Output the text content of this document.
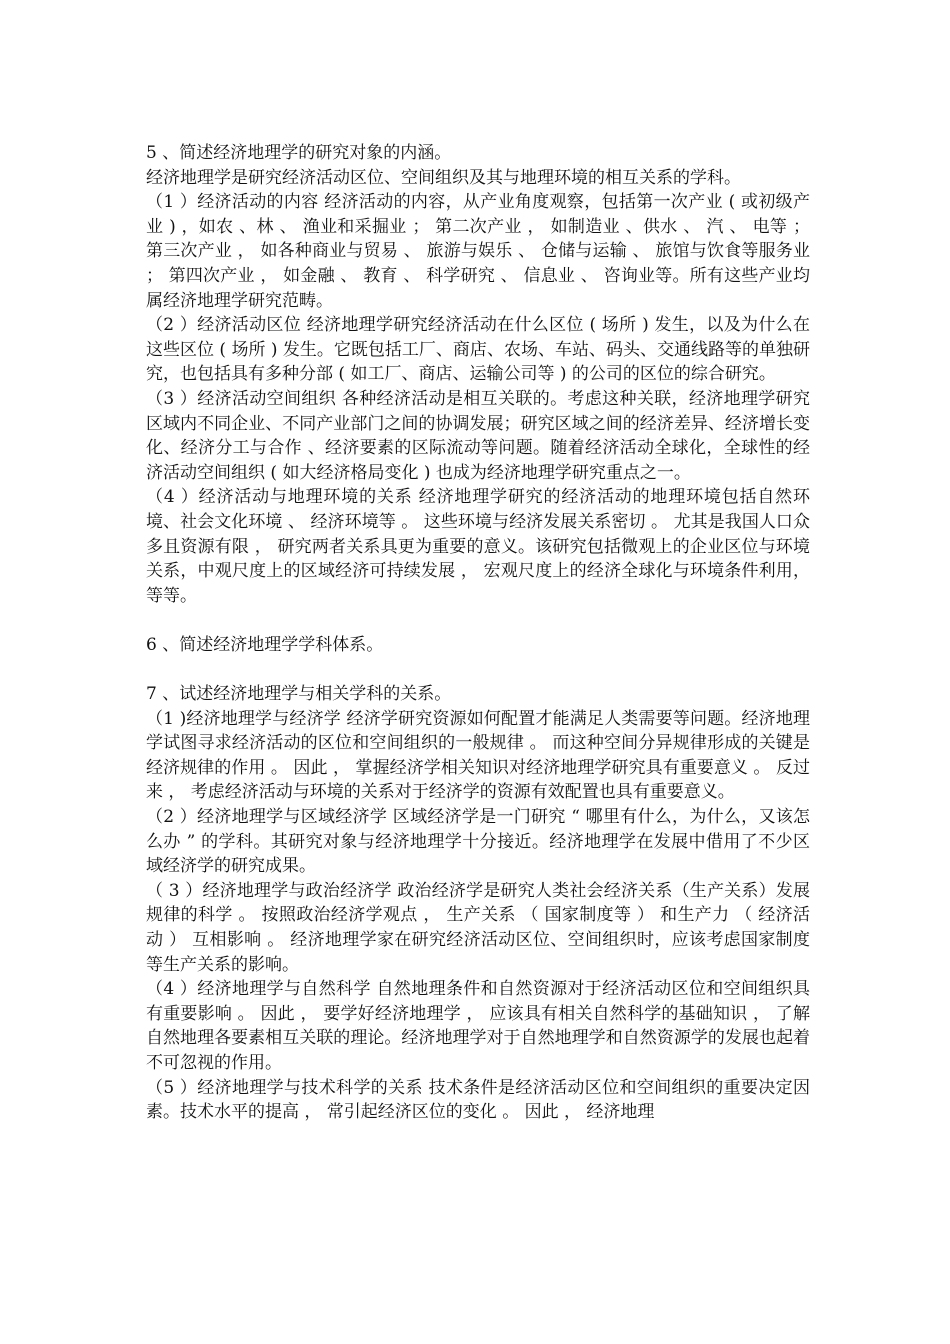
5 、简述经济地理学的研究对象的内涵。

经济地理学是研究经济活动区位、空间组织及其与地理环境的相互关系的学科。

（1 ）经济活动的内容 经济活动的内容，从产业角度观察，包括第一次产业 ( 或初级产业 ) ，如农 、林 、 渔业和采掘业 ； 第二次产业 ， 如制造业 、供水 、 汽 、 电等 ； 第三次产业 ， 如各种商业与贸易 、 旅游与娱乐 、 仓储与运输 、 旅馆与饮食等服务业 ； 第四次产业 ， 如金融 、 教育 、 科学研究 、 信息业 、 咨询业等。所有这些产业均属经济地理学研究范畴。

（2 ）经济活动区位 经济地理学研究经济活动在什么区位 ( 场所 ) 发生，以及为什么在这些区位 ( 场所 ) 发生。它既包括工厂、商店、农场、车站、码头、交通线路等的单独研究，也包括具有多种分部 ( 如工厂、商店、运输公司等 ) 的公司的区位的综合研究。

（3 ）经济活动空间组织 各种经济活动是相互关联的。考虑这种关联，经济地理学研究区域内不同企业、不同产业部门之间的协调发展；研究区域之间的经济差异、经济增长变化、经济分工与合作 、经济要素的区际流动等问题。随着经济活动全球化，全球性的经济活动空间组织 ( 如大经济格局变化 ) 也成为经济地理学研究重点之一。

（4 ）经济活动与地理环境的关系 经济地理学研究的经济活动的地理环境包括自然环境、社会文化环境 、 经济环境等 。 这些环境与经济发展关系密切 。 尤其是我国人口众多且资源有限 ， 研究两者关系具更为重要的意义。该研究包括微观上的企业区位与环境关系，中观尺度上的区域经济可持续发展 ， 宏观尺度上的经济全球化与环境条件利用，等等。

6 、简述经济地理学学科体系。

7 、试述经济地理学与相关学科的关系。

（1 )经济地理学与经济学 经济学研究资源如何配置才能满足人类需要等问题。经济地理学试图寻求经济活动的区位和空间组织的一般规律 。 而这种空间分异规律形成的关键是经济规律的作用 。 因此 ， 掌握经济学相关知识对经济地理学研究具有重要意义 。 反过来 ， 考虑经济活动与环境的关系对于经济学的资源有效配置也具有重要意义。

（2 ）经济地理学与区域经济学 区域经济学是一门研究 “ 哪里有什么，为什么，又该怎么办 ” 的学科。其研究对象与经济地理学十分接近。经济地理学在发展中借用了不少区域经济学的研究成果。

（ 3 ）经济地理学与政治经济学 政治经济学是研究人类社会经济关系（生产关系）发展规律的科学 。 按照政治经济学观点 ， 生产关系 （ 国家制度等 ） 和生产力 （ 经济活动 ） 互相影响 。 经济地理学家在研究经济活动区位、空间组织时，应该考虑国家制度等生产关系的影响。

（4 ）经济地理学与自然科学 自然地理条件和自然资源对于经济活动区位和空间组织具有重要影响 。 因此 ， 要学好经济地理学 ， 应该具有相关自然科学的基础知识 ， 了解自然地理各要素相互关联的理论。经济地理学对于自然地理学和自然资源学的发展也起着不可忽视的作用。

（5 ）经济地理学与技术科学的关系 技术条件是经济活动区位和空间组织的重要决定因素。技术水平的提高 ， 常引起经济区位的变化 。 因此 ， 经济地理
